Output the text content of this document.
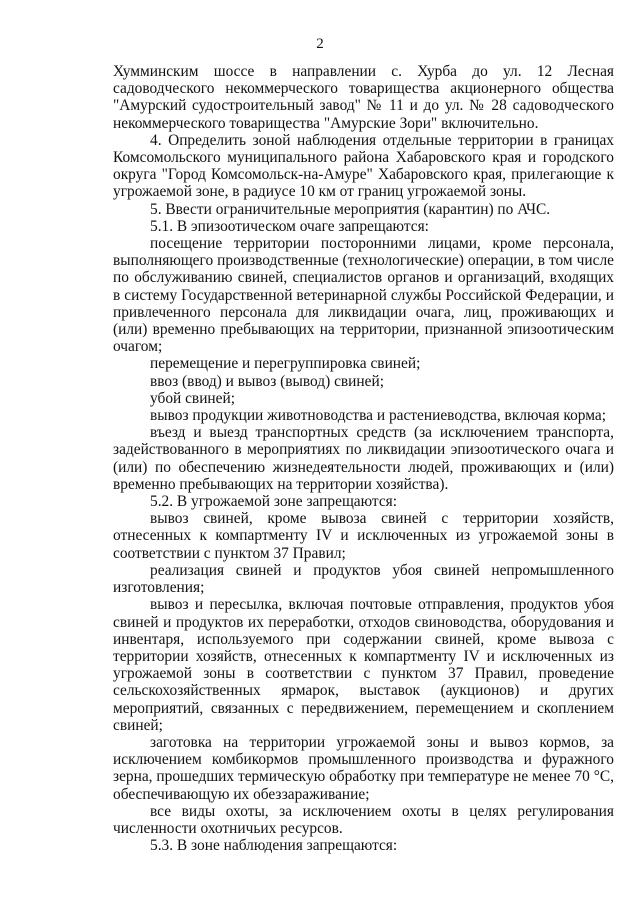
2

Хумминским шоссе в направлении с. Хурба до ул. 12 Лесная садоводческого некоммерческого товарищества акционерного общества "Амурский судостроительный завод" № 11 и до ул. № 28 садоводческого некоммерческого товарищества "Амурские Зори" включительно.

4. Определить зоной наблюдения отдельные территории в границах Комсомольского муниципального района Хабаровского края и городского округа "Город Комсомольск-на-Амуре" Хабаровского края, прилегающие к угрожаемой зоне, в радиусе 10 км от границ угрожаемой зоны.

5. Ввести ограничительные мероприятия (карантин) по АЧС.

5.1. В эпизоотическом очаге запрещаются:

посещение территории посторонними лицами, кроме персонала, выполняющего производственные (технологические) операции, в том числе по обслуживанию свиней, специалистов органов и организаций, входящих в систему Государственной ветеринарной службы Российской Федерации, и привлеченного персонала для ликвидации очага, лиц, проживающих и (или) временно пребывающих на территории, признанной эпизоотическим очагом;

перемещение и перегруппировка свиней;

ввоз (ввод) и вывоз (вывод) свиней;

убой свиней;

вывоз продукции животноводства и растениеводства, включая корма;

въезд и выезд транспортных средств (за исключением транспорта, задействованного в мероприятиях по ликвидации эпизоотического очага и (или) по обеспечению жизнедеятельности людей, проживающих и (или) временно пребывающих на территории хозяйства).

5.2. В угрожаемой зоне запрещаются:

вывоз свиней, кроме вывоза свиней с территории хозяйств, отнесенных к компартменту IV и исключенных из угрожаемой зоны в соответствии с пунктом 37 Правил;

реализация свиней и продуктов убоя свиней непромышленного изготовления;

вывоз и пересылка, включая почтовые отправления, продуктов убоя свиней и продуктов их переработки, отходов свиноводства, оборудования и инвентаря, используемого при содержании свиней, кроме вывоза с территории хозяйств, отнесенных к компартменту IV и исключенных из угрожаемой зоны в соответствии с пунктом 37 Правил, проведение сельскохозяйственных ярмарок, выставок (аукционов) и других мероприятий, связанных с передвижением, перемещением и скоплением свиней;

заготовка на территории угрожаемой зоны и вывоз кормов, за исключением комбикормов промышленного производства и фуражного зерна, прошедших термическую обработку при температуре не менее 70 °С, обеспечивающую их обеззараживание;

все виды охоты, за исключением охоты в целях регулирования численности охотничьих ресурсов.

5.3. В зоне наблюдения запрещаются:
